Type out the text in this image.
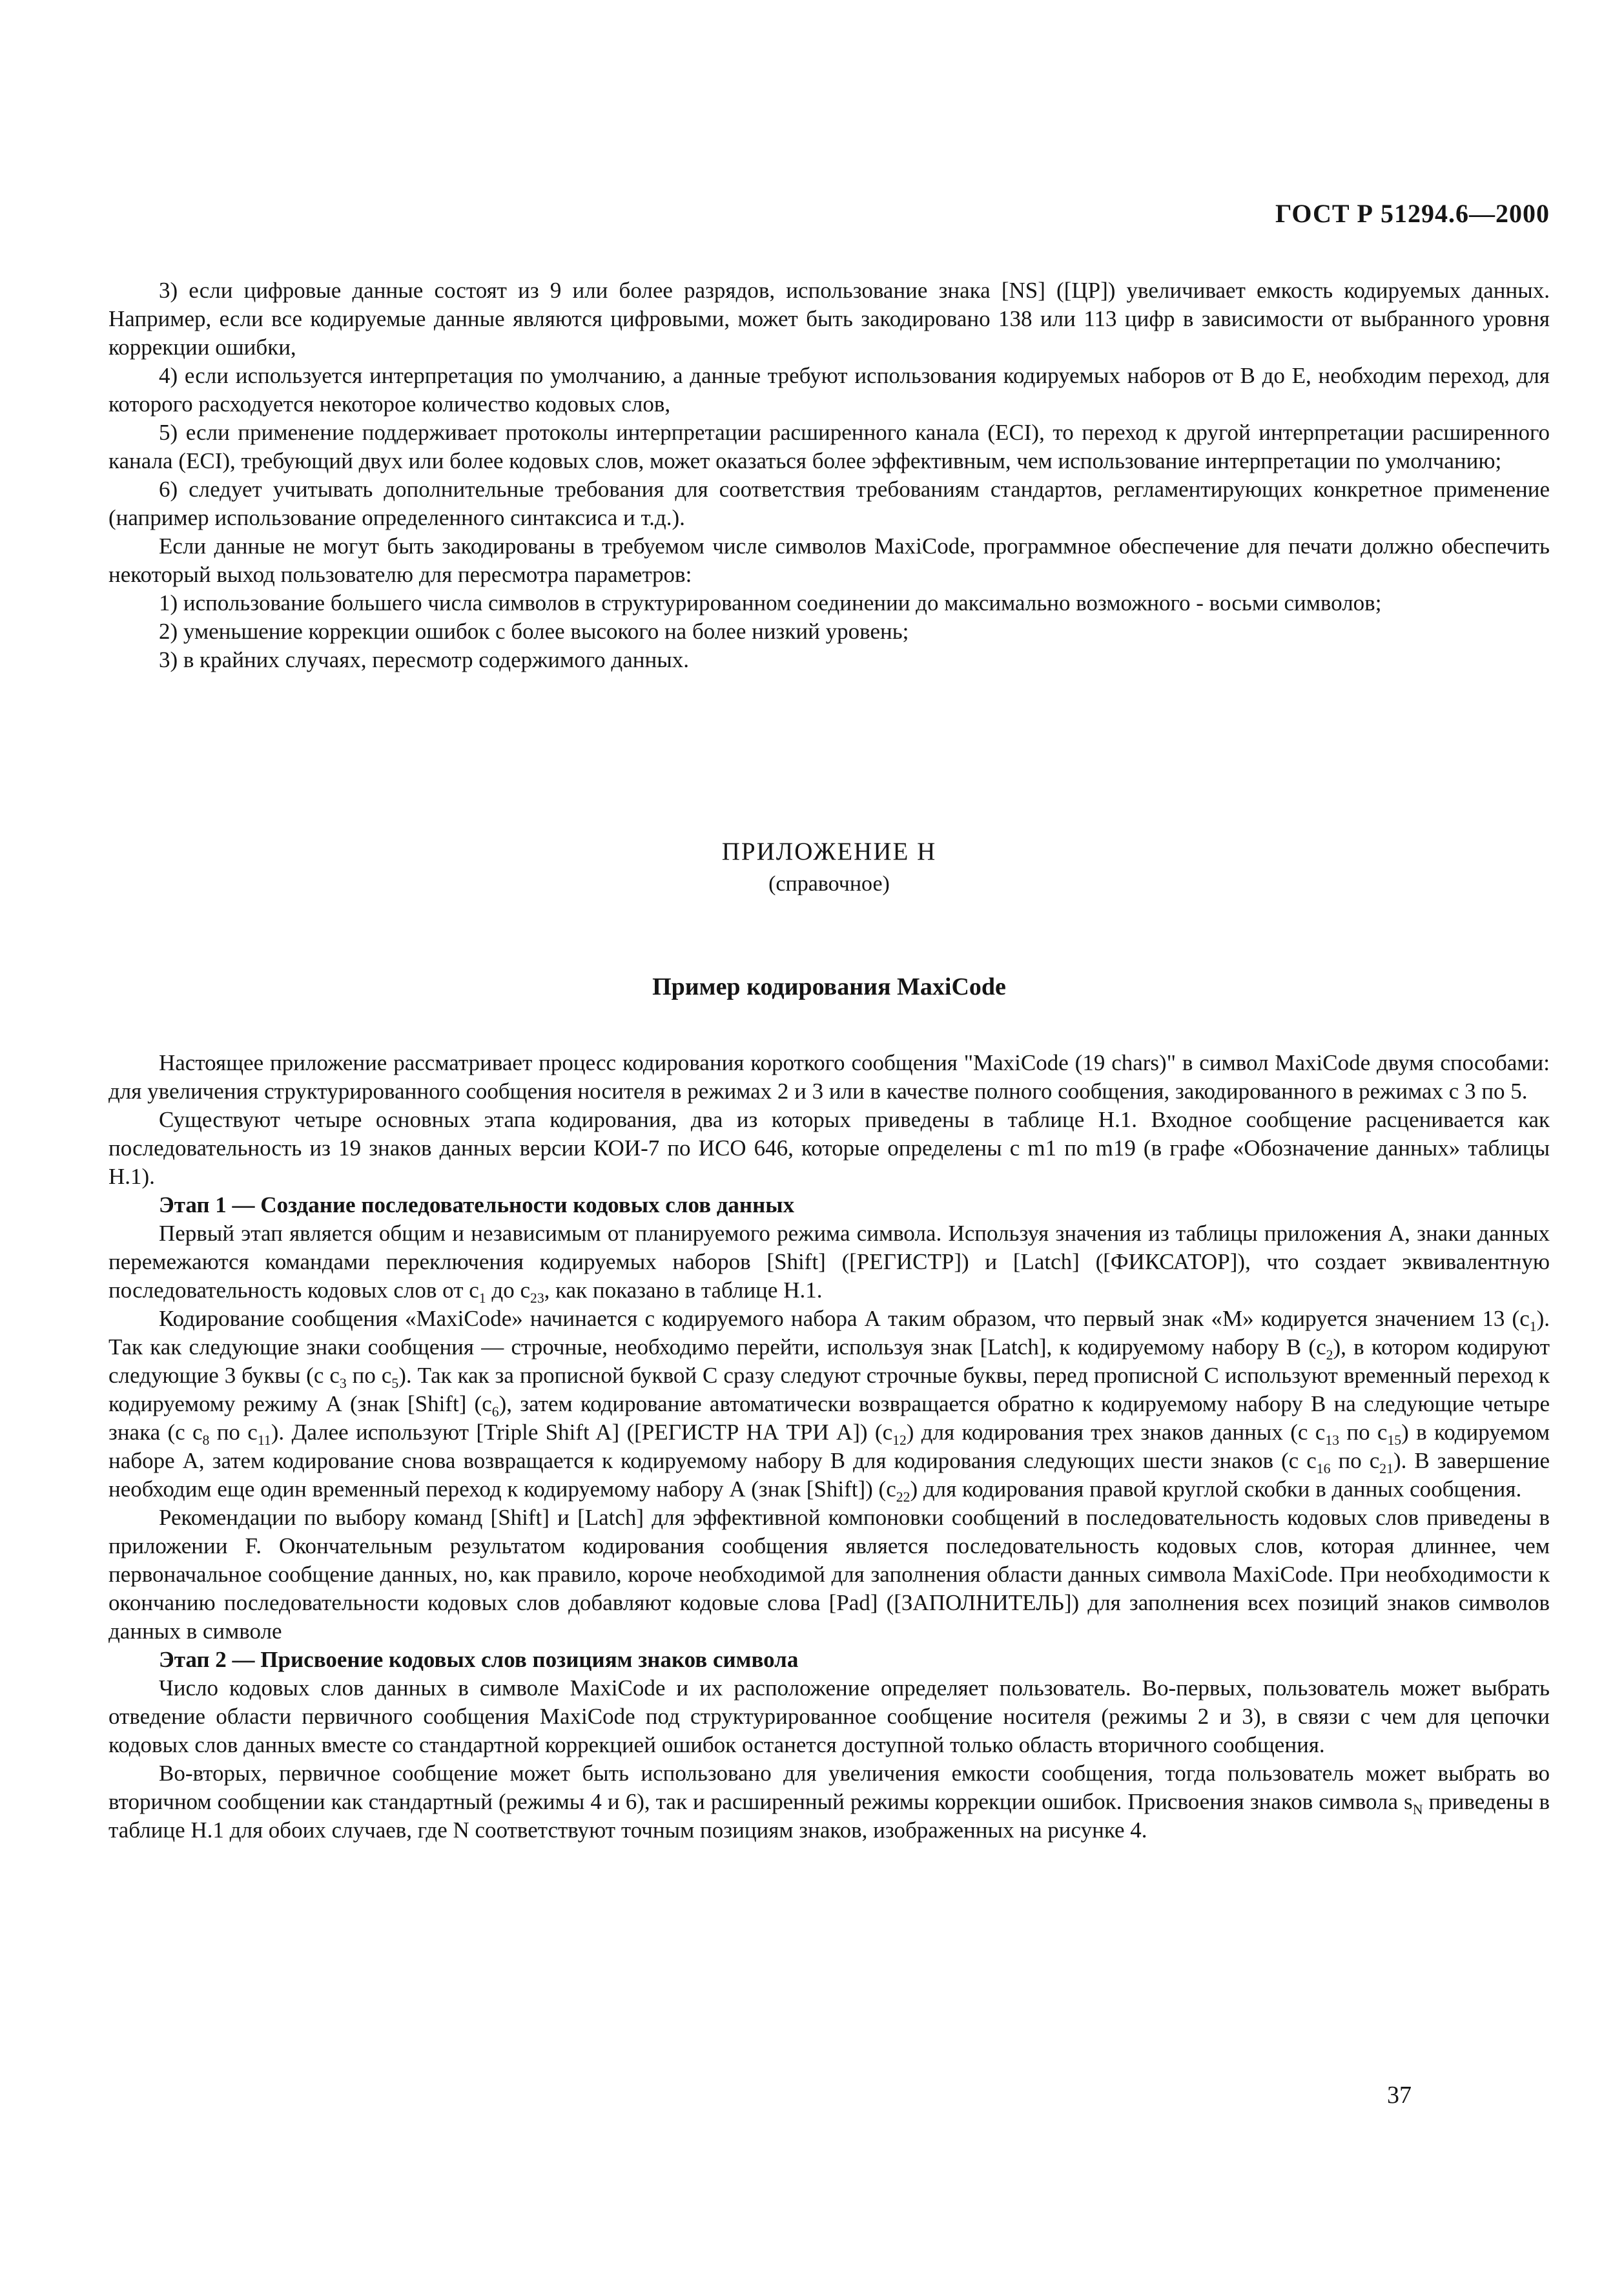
ГОСТ Р 51294.6—2000

3) если цифровые данные состоят из 9 или более разрядов, использование знака [NS] ([ЦР]) увеличивает емкость кодируемых данных. Например, если все кодируемые данные являются цифровыми, может быть закодировано 138 или 113 цифр в зависимости от выбранного уровня коррекции ошибки,

4) если используется интерпретация по умолчанию, а данные требуют использования кодируемых наборов от В до Е, необходим переход, для которого расходуется некоторое количество кодовых слов,

5) если применение поддерживает протоколы интерпретации расширенного канала (ECI), то переход к другой интерпретации расширенного канала (ECI), требующий двух или более кодовых слов, может оказаться более эффективным, чем использование интерпретации по умолчанию;

6) следует учитывать дополнительные требования для соответствия требованиям стандартов, регламентирующих конкретное применение (например использование определенного синтаксиса и т.д.).

Если данные не могут быть закодированы в требуемом числе символов MaxiCode, программное обеспечение для печати должно обеспечить некоторый выход пользователю для пересмотра параметров:

1) использование большего числа символов в структурированном соединении до максимально возможного - восьми символов;

2) уменьшение коррекции ошибок с более высокого на более низкий уровень;

3) в крайних случаях, пересмотр содержимого данных.

ПРИЛОЖЕНИЕ Н

(справочное)

Пример кодирования MaxiCode

Настоящее приложение рассматривает процесс кодирования короткого сообщения "MaxiCode (19 chars)" в символ MaxiCode двумя способами: для увеличения структурированного сообщения носителя в режимах 2 и 3 или в качестве полного сообщения, закодированного в режимах с 3 по 5.

Существуют четыре основных этапа кодирования, два из которых приведены в таблице Н.1. Входное сообщение расценивается как последовательность из 19 знаков данных версии КОИ-7 по ИСО 646, которые определены с m1 по m19 (в графе «Обозначение данных» таблицы Н.1).

Этап 1 — Создание последовательности кодовых слов данных

Первый этап является общим и независимым от планируемого режима символа. Используя значения из таблицы приложения А, знаки данных перемежаются командами переключения кодируемых наборов [Shift] ([РЕГИСТР]) и [Latch] ([ФИКСАТОР]), что создает эквивалентную последовательность кодовых слов от $c_1$ до $c_{23}$, как показано в таблице Н.1.

Кодирование сообщения «MaxiCode» начинается с кодируемого набора А таким образом, что первый знак «М» кодируется значением 13 $(c_1)$. Так как следующие знаки сообщения — строчные, необходимо перейти, используя знак [Latch], к кодируемому набору В $(c_2)$, в котором кодируют следующие 3 буквы (с $c_3$ по $c_5$). Так как за прописной буквой С сразу следуют строчные буквы, перед прописной С используют временный переход к кодируемому режиму А (знак [Shift] $(c_6)$, затем кодирование автоматически возвращается обратно к кодируемому набору В на следующие четыре знака (с $c_8$ по $c_{11}$). Далее используют [Triple Shift A] ([РЕГИСТР НА ТРИ А]) $(c_{12})$ для кодирования трех знаков данных (с $c_{13}$ по $c_{15}$) в кодируемом наборе А, затем кодирование снова возвращается к кодируемому набору В для кодирования следующих шести знаков (с $c_{16}$ по $c_{21}$). В завершение необходим еще один временный переход к кодируемому набору А (знак [Shift]) $(c_{22})$ для кодирования правой круглой скобки в данных сообщения.

Рекомендации по выбору команд [Shift] и [Latch] для эффективной компоновки сообщений в последовательность кодовых слов приведены в приложении F. Окончательным результатом кодирования сообщения является последовательность кодовых слов, которая длиннее, чем первоначальное сообщение данных, но, как правило, короче необходимой для заполнения области данных символа MaxiCode. При необходимости к окончанию последовательности кодовых слов добавляют кодовые слова [Pad] ([ЗАПОЛНИТЕЛЬ]) для заполнения всех позиций знаков символов данных в символе

Этап 2 — Присвоение кодовых слов позициям знаков символа

Число кодовых слов данных в символе MaxiCode и их расположение определяет пользователь. Во-первых, пользователь может выбрать отведение области первичного сообщения MaxiCode под структурированное сообщение носителя (режимы 2 и 3), в связи с чем для цепочки кодовых слов данных вместе со стандартной коррекцией ошибок останется доступной только область вторичного сообщения.

Во-вторых, первичное сообщение может быть использовано для увеличения емкости сообщения, тогда пользователь может выбрать во вторичном сообщении как стандартный (режимы 4 и 6), так и расширенный режимы коррекции ошибок. Присвоения знаков символа $s_N$ приведены в таблице Н.1 для обоих случаев, где N соответствуют точным позициям знаков, изображенных на рисунке 4.

37
